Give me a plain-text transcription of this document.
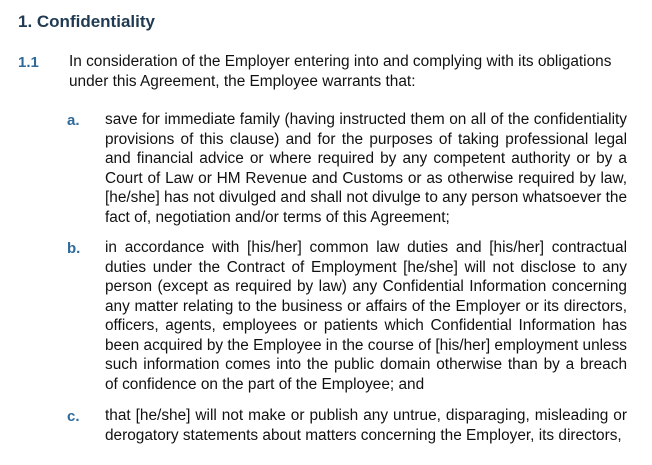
1. Confidentiality
1.1 In consideration of the Employer entering into and complying with its obligations under this Agreement, the Employee warrants that:

a. save for immediate family (having instructed them on all of the confidentiality provisions of this clause) and for the purposes of taking professional legal and financial advice or where required by any competent authority or by a Court of Law or HM Revenue and Customs or as otherwise required by law, [he/she] has not divulged and shall not divulge to any person whatsoever the fact of, negotiation and/or terms of this Agreement;

b. in accordance with [his/her] common law duties and [his/her] contractual duties under the Contract of Employment [he/she] will not disclose to any person (except as required by law) any Confidential Information concerning any matter relating to the business or affairs of the Employer or its directors, officers, agents, employees or patients which Confidential Information has been acquired by the Employee in the course of [his/her] employment unless such information comes into the public domain otherwise than by a breach of confidence on the part of the Employee; and

c. that [he/she] will not make or publish any untrue, disparaging, misleading or derogatory statements about matters concerning the Employer, its directors,
